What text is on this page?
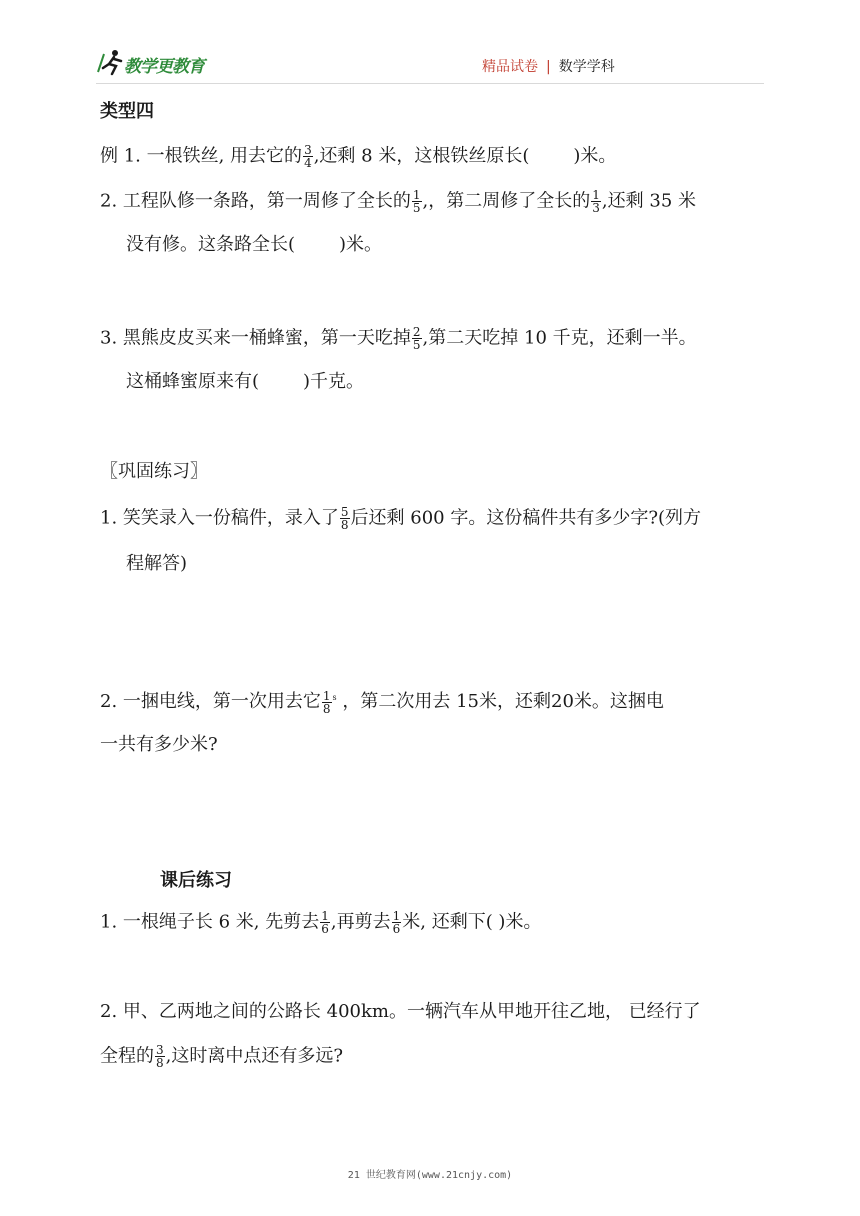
教学更教育	精品试卷 | 数学学科
类型四
例 1. 一根铁丝, 用去它的 $\frac{3}{4}$ ,还剩 8 米，这根铁丝原长( )米。
2. 工程队修一条路，第一周修了全长的 $\frac{1}{5}$ ,，第二周修了全长的 $\frac{1}{3}$ ,还剩 35 米
没有修。这条路全长( )米。
3. 黑熊皮皮买来一桶蜂蜜，第一天吃掉 $\frac{2}{5}$ ,第二天吃掉 10 千克，还剩一半。
这桶蜂蜜原来有( )千克。
〖巩固练习〗
1. 笑笑录入一份稿件，录入了 $\frac{5}{8}$ 后还剩 600 字。这份稿件共有多少字?(列方
程解答)
2. 一捆电线，第一次用去它 $\frac{1}{8} ^s$ ，第二次用去 15米，还剩20米。这捆电
一共有多少米?
课后练习
1. 一根绳子长 6 米, 先剪去 $\frac{1}{6}$ ,再剪去 $\frac{1}{6}$ 米, 还剩下( )米。
2. 甲、乙两地之间的公路长 400km。一辆汽车从甲地开往乙地， 已经行了
全程的 $\frac{3}{8}$ ,这时离中点还有多远?
21 世纪教育网(www.21cnjy.com)
